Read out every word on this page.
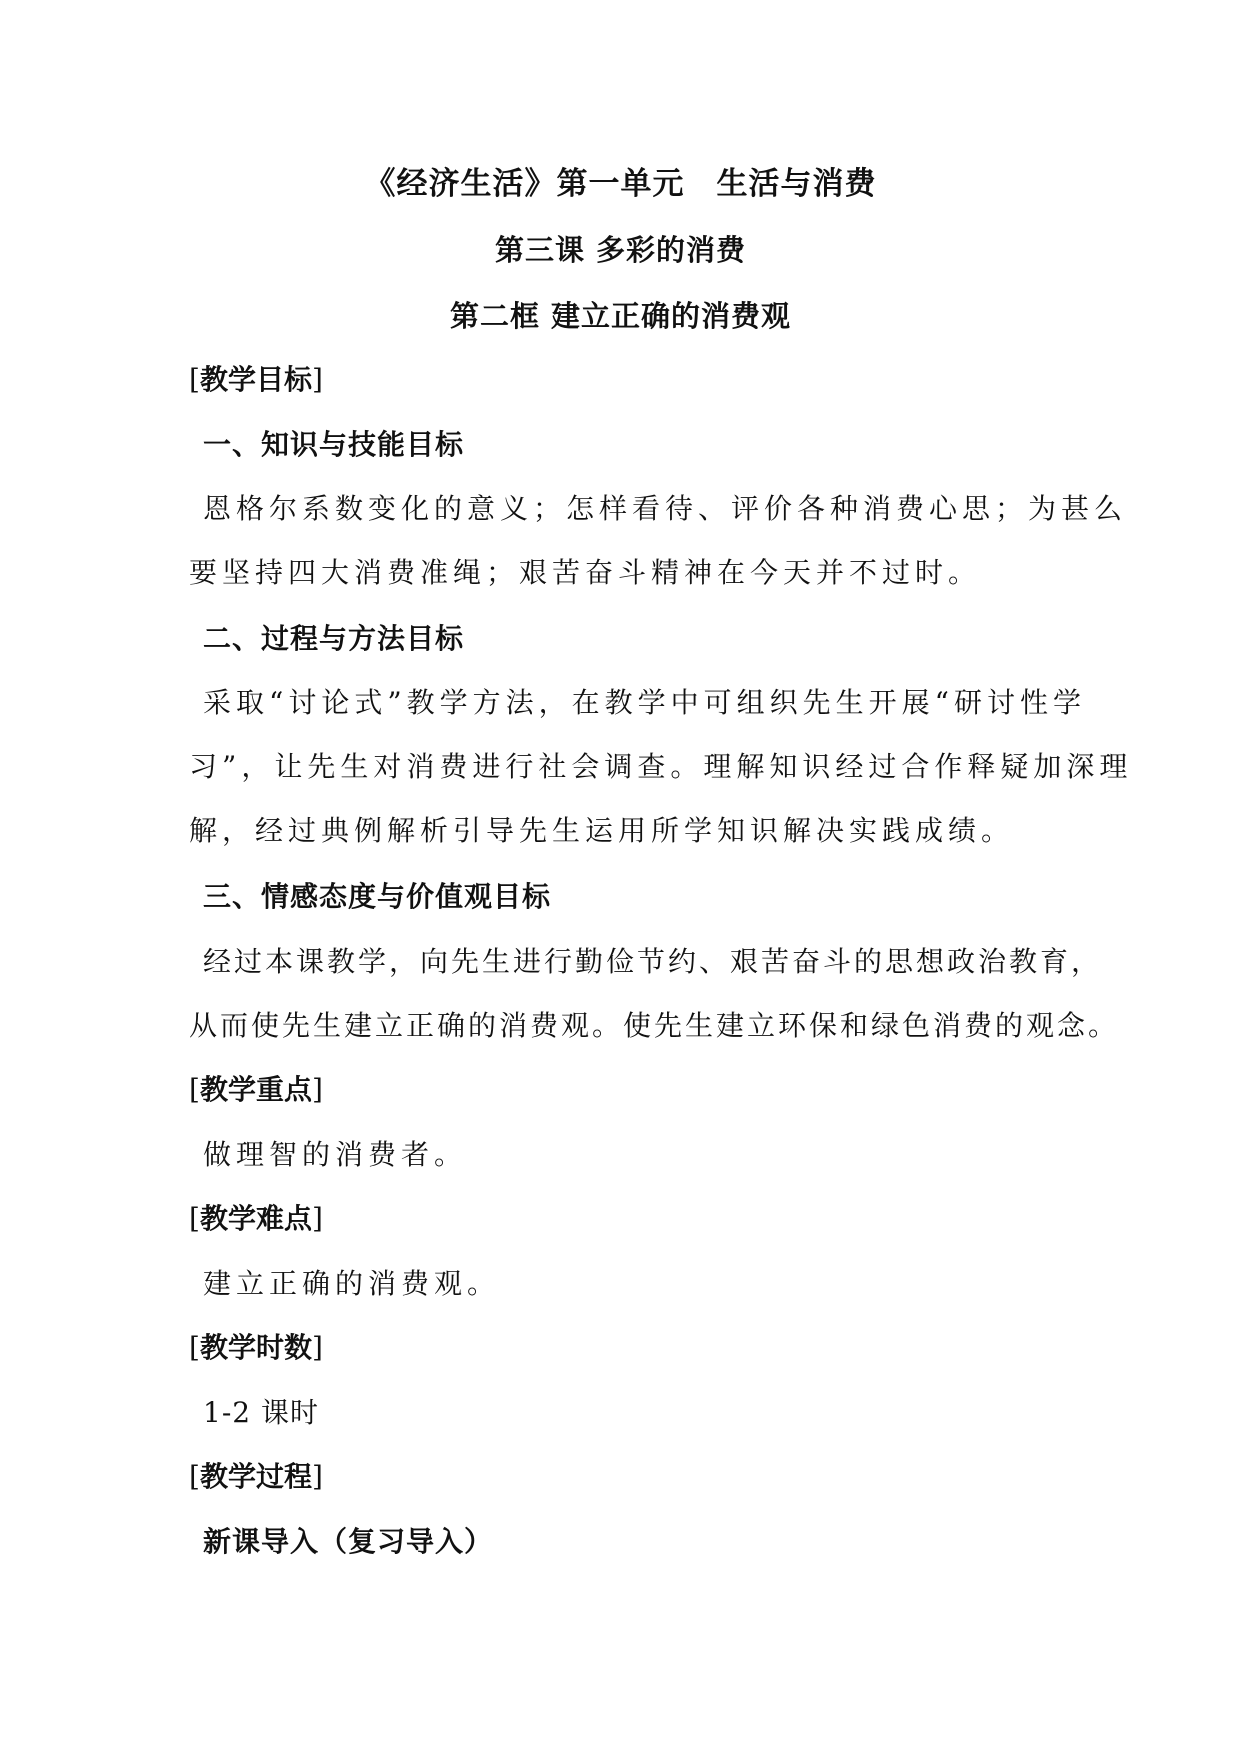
《经济生活》第一单元　生活与消费
第三课 多彩的消费
第二框 建立正确的消费观
[教学目标]
一、知识与技能目标
恩格尔系数变化的意义；怎样看待、评价各种消费心思；为甚么
要坚持四大消费准绳；艰苦奋斗精神在今天并不过时。
二、过程与方法目标
采取“讨论式”教学方法，在教学中可组织先生开展“研讨性学
习”，让先生对消费进行社会调查。理解知识经过合作释疑加深理
解，经过典例解析引导先生运用所学知识解决实践成绩。
三、情感态度与价值观目标
经过本课教学，向先生进行勤俭节约、艰苦奋斗的思想政治教育，
从而使先生建立正确的消费观。使先生建立环保和绿色消费的观念。
[教学重点]
做理智的消费者。
[教学难点]
建立正确的消费观。
[教学时数]
1-2 课时
[教学过程]
新课导入（复习导入）
